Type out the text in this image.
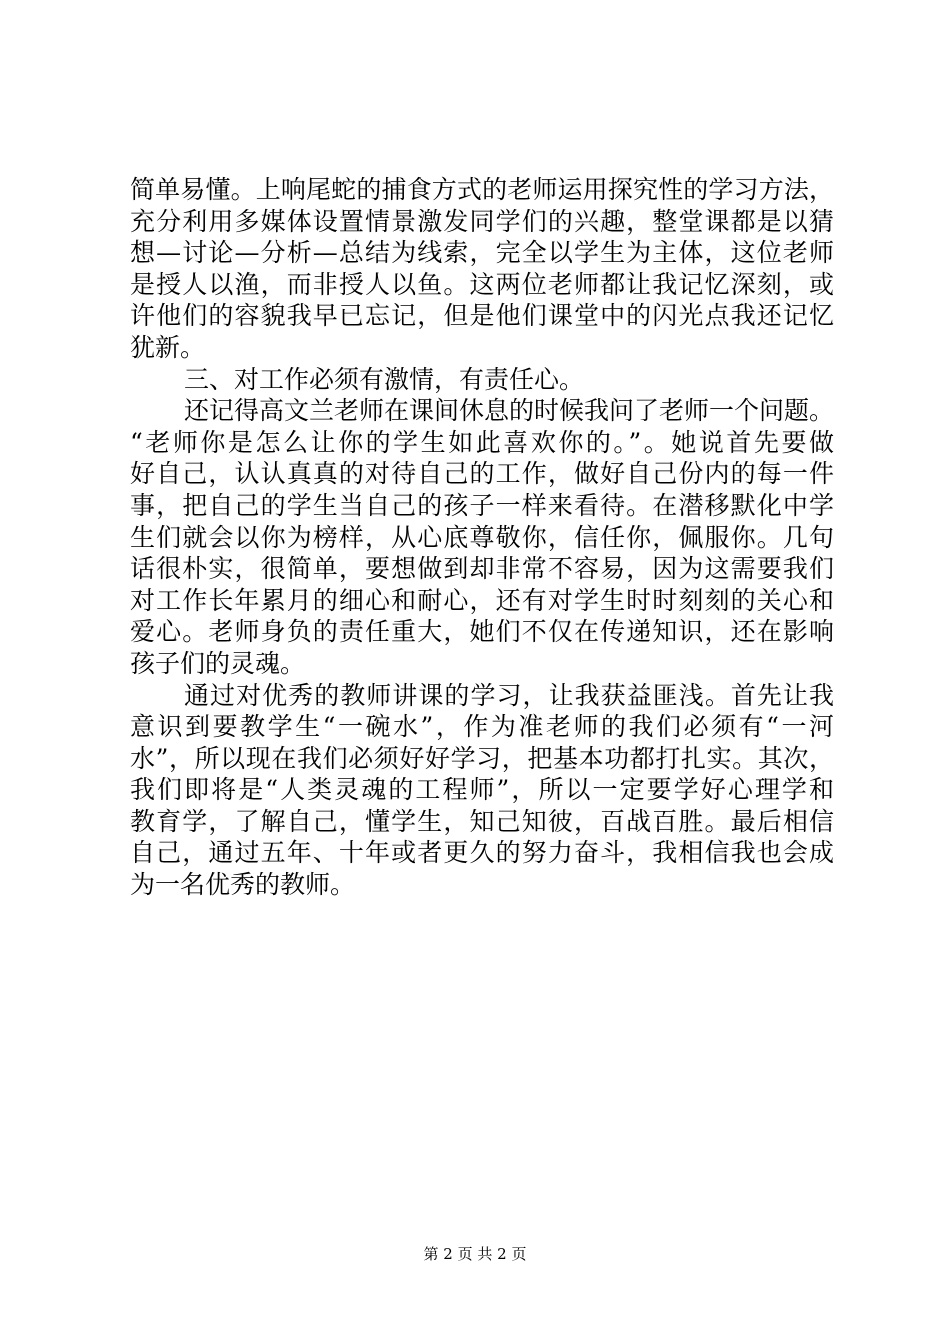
简单易懂。上响尾蛇的捕食方式的老师运用探究性的学习方法，
充分利用多媒体设置情景激发同学们的兴趣，整堂课都是以猜
想—讨论—分析—总结为线索，完全以学生为主体，这位老师
是授人以渔，而非授人以鱼。这两位老师都让我记忆深刻，或
许他们的容貌我早已忘记，但是他们课堂中的闪光点我还记忆
犹新。
三、对工作必须有激情，有责任心。
还记得高文兰老师在课间休息的时候我问了老师一个问题。
“老师你是怎么让你的学生如此喜欢你的。”。她说首先要做
好自己，认认真真的对待自己的工作，做好自己份内的每一件
事，把自己的学生当自己的孩子一样来看待。在潜移默化中学
生们就会以你为榜样，从心底尊敬你，信任你，佩服你。几句
话很朴实，很简单，要想做到却非常不容易，因为这需要我们
对工作长年累月的细心和耐心，还有对学生时时刻刻的关心和
爱心。老师身负的责任重大，她们不仅在传递知识，还在影响
孩子们的灵魂。
通过对优秀的教师讲课的学习，让我获益匪浅。首先让我
意识到要教学生“一碗水”，作为准老师的我们必须有“一河
水”，所以现在我们必须好好学习，把基本功都打扎实。其次，
我们即将是“人类灵魂的工程师”，所以一定要学好心理学和
教育学，了解自己，懂学生，知己知彼，百战百胜。最后相信
自己，通过五年、十年或者更久的努力奋斗，我相信我也会成
为一名优秀的教师。
第 2 页 共 2 页
